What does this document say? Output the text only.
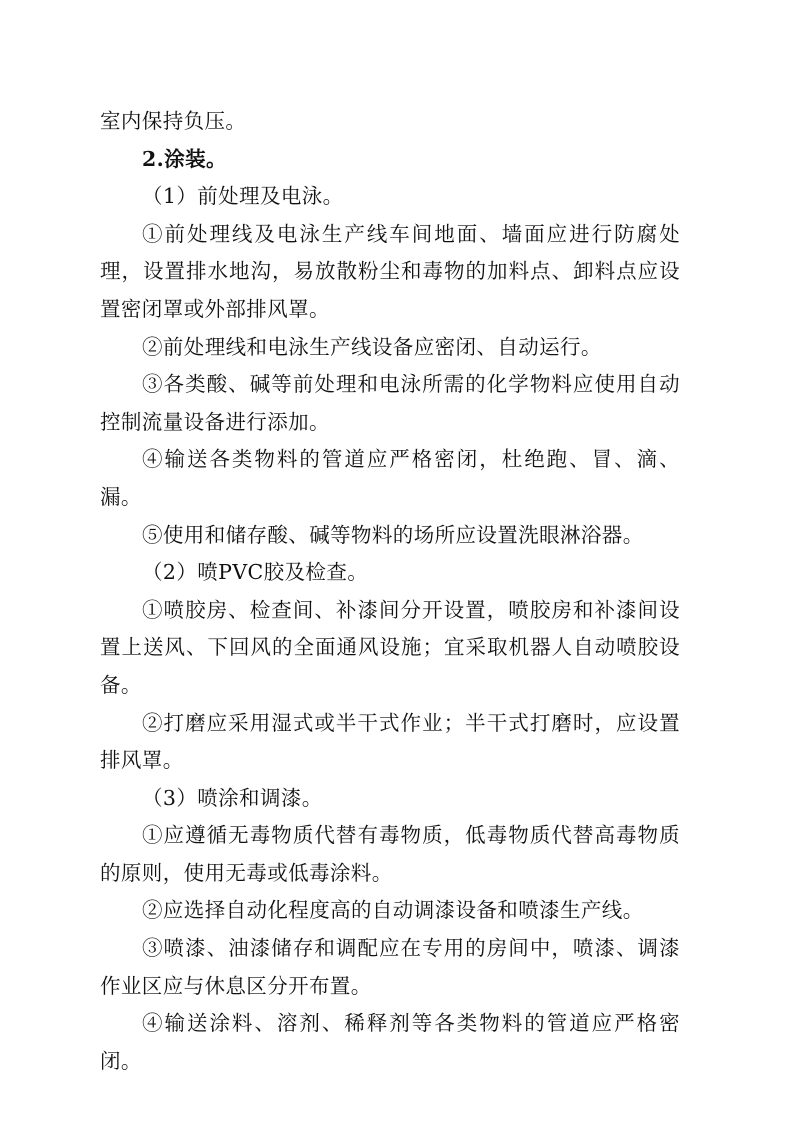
室内保持负压。

2.涂装。

（1）前处理及电泳。

①前处理线及电泳生产线车间地面、墙面应进行防腐处理，设置排水地沟，易放散粉尘和毒物的加料点、卸料点应设置密闭罩或外部排风罩。

②前处理线和电泳生产线设备应密闭、自动运行。

③各类酸、碱等前处理和电泳所需的化学物料应使用自动控制流量设备进行添加。

④输送各类物料的管道应严格密闭，杜绝跑、冒、滴、漏。

⑤使用和储存酸、碱等物料的场所应设置洗眼淋浴器。

（2）喷PVC胶及检查。

①喷胶房、检查间、补漆间分开设置，喷胶房和补漆间设置上送风、下回风的全面通风设施；宜采取机器人自动喷胶设备。

②打磨应采用湿式或半干式作业；半干式打磨时，应设置排风罩。

（3）喷涂和调漆。

①应遵循无毒物质代替有毒物质，低毒物质代替高毒物质的原则，使用无毒或低毒涂料。

②应选择自动化程度高的自动调漆设备和喷漆生产线。

③喷漆、油漆储存和调配应在专用的房间中，喷漆、调漆作业区应与休息区分开布置。

④输送涂料、溶剂、稀释剂等各类物料的管道应严格密闭。
